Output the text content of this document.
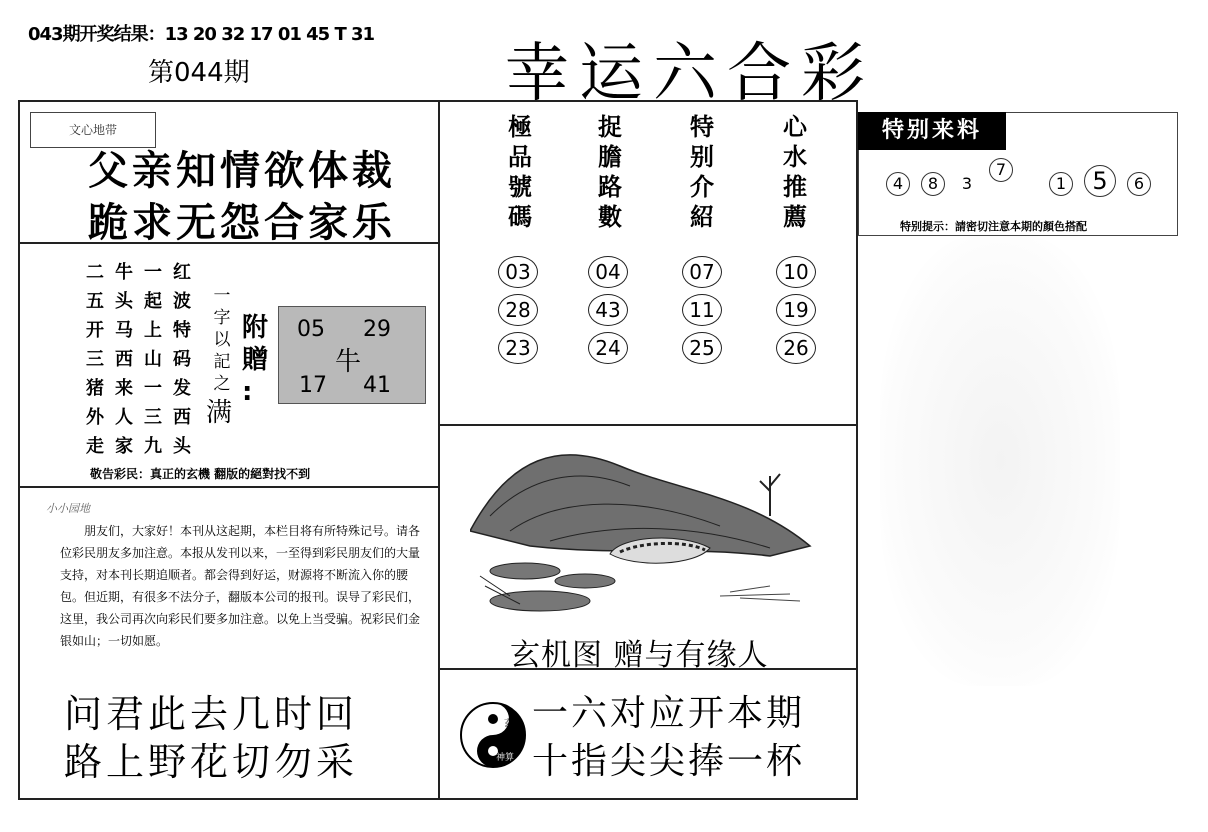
043期开奖结果：13 20 32 17 01 45 T 31
第044期	幸运六合彩
文心地带
父亲知情欲体裁
跪求无怨合家乐
二牛一红
五头起波
开马上特
三西山码
猪来一发
外人三西
走家九头
一字以記之
满
附贈
:
05 29
牛
17 41
敬告彩民：真正的玄機 翻版的絕對找不到
小小园地
朋友们，大家好！本刊从这起期，本栏目将有所特殊记号。请各位彩民朋友多加注意。本报从发刊以来，一至得到彩民朋友们的大量支持，对本刊长期追顺者。都会得到好运，财源将不断流入你的腰包。但近期，有很多不法分子，翻版本公司的报刊。误导了彩民们，这里，我公司再次向彩民们要多加注意。以免上当受骗。祝彩民们金银如山；一切如愿。
问君此去几时回
路上野花切勿采
極品號碼
捉膽路數
特别介紹
心水推薦
03
28
23
04
43
24
07
11
25
10
19
26
玄机图 赠与有缘人
玄機
神算
一六对应开本期
十指尖尖捧一杯
特别来料
4 8 3 7  1 5 6
特别提示：請密切注意本期的顏色搭配
